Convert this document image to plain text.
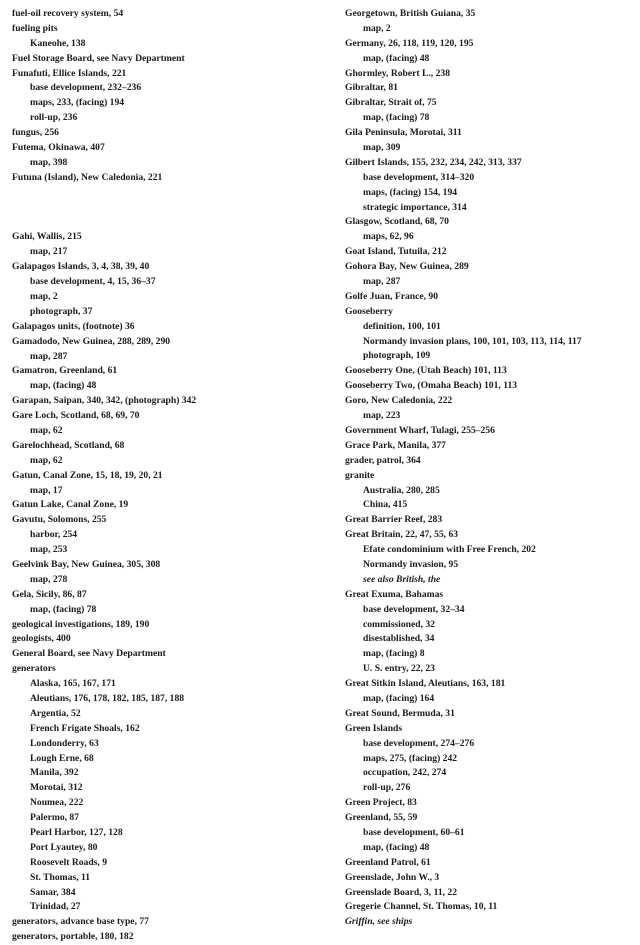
fuel-oil recovery system, 54
fueling pits
Kaneohe, 138
Fuel Storage Board, see Navy Department
Funafuti, Ellice Islands, 221
base development, 232–236
maps, 233, (facing) 194
roll-up, 236
fungus, 256
Futema, Okinawa, 407
map, 398
Futuna (Island), New Caledonia, 221
Gahi, Wallis, 215
map, 217
Galapagos Islands, 3, 4, 38, 39, 40
base development, 4, 15, 36–37
map, 2
photograph, 37
Galapagos units, (footnote) 36
Gamadodo, New Guinea, 288, 289, 290
map, 287
Gamatron, Greenland, 61
map, (facing) 48
Garapan, Saipan, 340, 342, (photograph) 342
Gare Loch, Scotland, 68, 69, 70
map, 62
Garelochhead, Scotland, 68
map, 62
Gatun, Canal Zone, 15, 18, 19, 20, 21
map, 17
Gatun Lake, Canal Zone, 19
Gavutu, Solomons, 255
harbor, 254
map, 253
Geelvink Bay, New Guinea, 305, 308
map, 278
Gela, Sicily, 86, 87
map, (facing) 78
geological investigations, 189, 190
geologists, 400
General Board, see Navy Department
generators
Alaska, 165, 167, 171
Aleutians, 176, 178, 182, 185, 187, 188
Argentia, 52
French Frigate Shoals, 162
Londonderry, 63
Lough Erne, 68
Manila, 392
Morotai, 312
Noumea, 222
Palermo, 87
Pearl Harbor, 127, 128
Port Lyautey, 80
Roosevelt Roads, 9
St. Thomas, 11
Samar, 384
Trinidad, 27
generators, advance base type, 77
generators, portable, 180, 182
Georgetown, British Guiana, 35
map, 2
Germany, 26, 118, 119, 120, 195
map, (facing) 48
Ghormley, Robert L., 238
Gibraltar, 81
Gibraltar, Strait of, 75
map, (facing) 78
Gila Peninsula, Morotai, 311
map, 309
Gilbert Islands, 155, 232, 234, 242, 313, 337
base development, 314–320
maps, (facing) 154, 194
strategic importance, 314
Glasgow, Scotland, 68, 70
maps, 62, 96
Goat Island, Tutuila, 212
Gohora Bay, New Guinea, 289
map, 287
Golfe Juan, France, 90
Gooseberry
definition, 100, 101
Normandy invasion plans, 100, 101, 103, 113, 114, 117
photograph, 109
Gooseberry One, (Utah Beach) 101, 113
Gooseberry Two, (Omaha Beach) 101, 113
Goro, New Caledonia, 222
map, 223
Government Wharf, Tulagi, 255–256
Grace Park, Manila, 377
grader, patrol, 364
granite
Australia, 280, 285
China, 415
Great Barrier Reef, 283
Great Britain, 22, 47, 55, 63
Efate condominium with Free French, 202
Normandy invasion, 95
see also British, the
Great Exuma, Bahamas
base development, 32–34
commissioned, 32
disestablished, 34
map, (facing) 8
U. S. entry, 22, 23
Great Sitkin Island, Aleutians, 163, 181
map, (facing) 164
Great Sound, Bermuda, 31
Green Islands
base development, 274–276
maps, 275, (facing) 242
occupation, 242, 274
roll-up, 276
Green Project, 83
Greenland, 55, 59
base development, 60–61
map, (facing) 48
Greenland Patrol, 61
Greenslade, John W., 3
Greenslade Board, 3, 11, 22
Gregerie Channel, St. Thomas, 10, 11
Griffin, see ships
